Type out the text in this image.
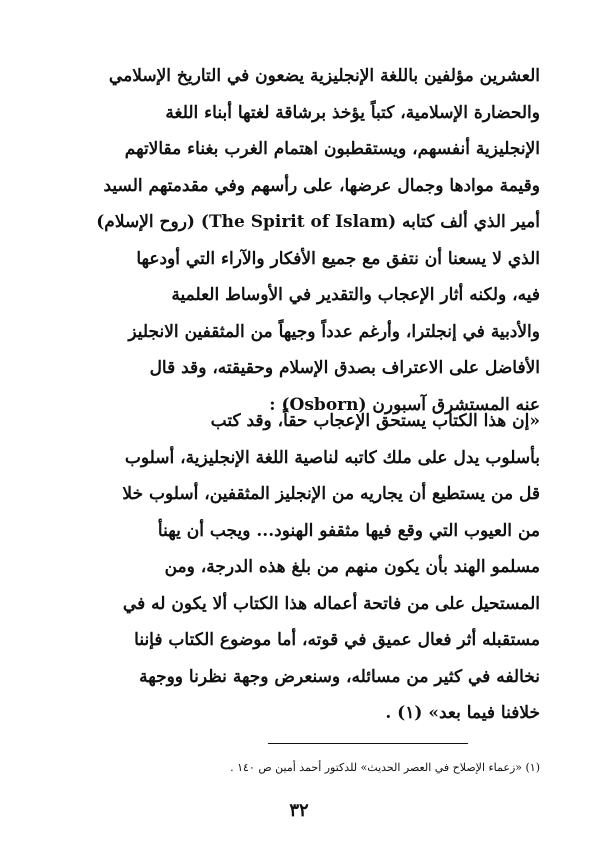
العشرين مؤلفين باللغة الإنجليزية يضعون في التاريخ الإسلامي
والحضارة الإسلامية، كتباً يؤخذ برشاقة لغتها أبناء اللغة
الإنجليزية أنفسهم، ويستقطبون اهتمام الغرب بغناء مقالاتهم
وقيمة موادها وجمال عرضها، على رأسهم وفي مقدمتهم السيد
أمير الذي ألف كتابه (The Spirit of Islam) (روح الإسلام)
الذي لا يسعنا أن نتفق مع جميع الأفكار والآراء التي أودعها
فيه، ولكنه أثار الإعجاب والتقدير في الأوساط العلمية
والأدبية في إنجلترا، وأرغم عدداً وجيهاً من المثقفين الانجليز
الأفاضل على الاعتراف بصدق الإسلام وحقيقته، وقد قال
عنه المستشرق آسبورن (Osborn) :
«إن هذا الكتاب يستحق الإعجاب حقاً، وقد كتب
بأسلوب يدل على ملك كاتبه لناصية اللغة الإنجليزية، أسلوب
قل من يستطيع أن يجاريه من الإنجليز المثقفين، أسلوب خلا
من العيوب التي وقع فيها مثقفو الهنود... ويجب أن يهنأ
مسلمو الهند بأن يكون منهم من بلغ هذه الدرجة، ومن
المستحيل على من فاتحة أعماله هذا الكتاب ألا يكون له في
مستقبله أثر فعال عميق في قوته، أما موضوع الكتاب فإننا
نخالفه في كثير من مسائله، وسنعرض وجهة نظرنا ووجهة
خلافنا فيما بعد» (١) .
(١) «زعماء الإصلاح في العصر الحديث» للدكتور أحمد أمين ص ١٤٠ .
٣٢
